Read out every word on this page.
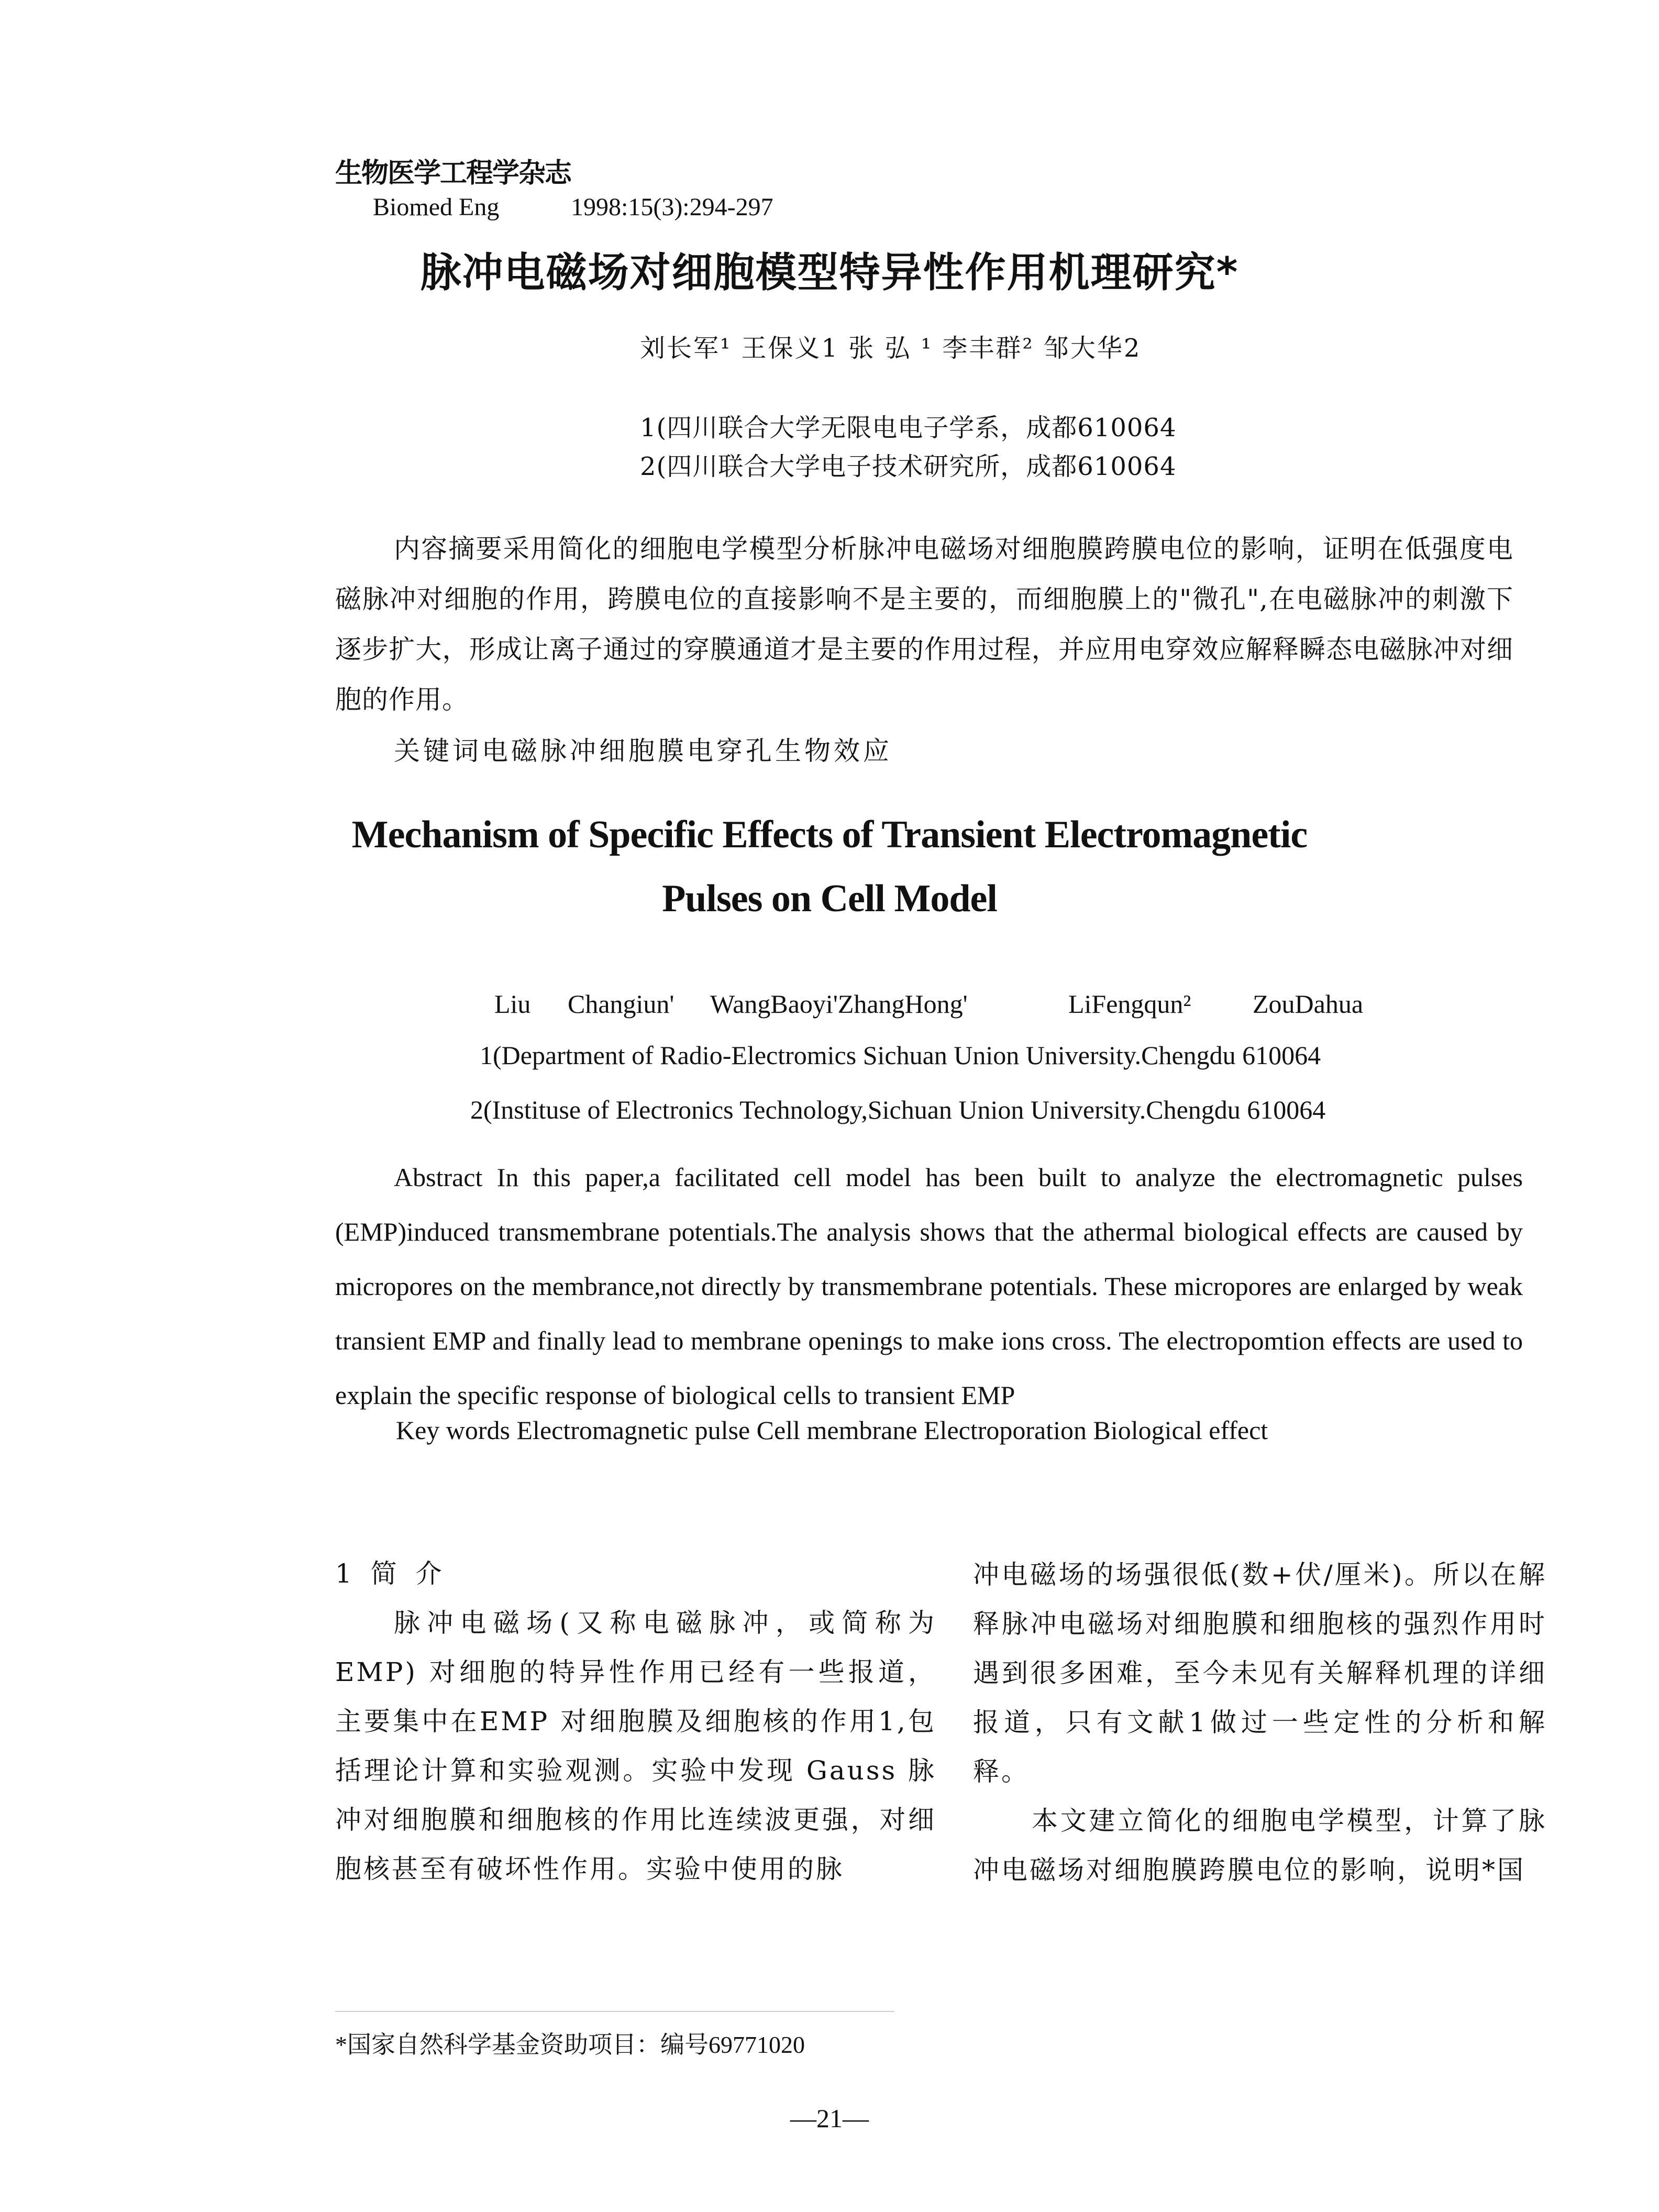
生物医学工程学杂志
Biomed Eng	1998:15(3):294-297
脉冲电磁场对细胞模型特异性作用机理研究*
刘长军¹ 王保义1 张 弘 ¹ 李丰群² 邹大华2
1(四川联合大学无限电电子学系，成都610064
2(四川联合大学电子技术研究所，成都610064

内容摘要采用简化的细胞电学模型分析脉冲电磁场对细胞膜跨膜电位的影响，证明在低强度电磁脉冲对细胞的作用，跨膜电位的直接影响不是主要的，而细胞膜上的"微孔",在电磁脉冲的刺激下逐步扩大，形成让离子通过的穿膜通道才是主要的作用过程，并应用电穿效应解释瞬态电磁脉冲对细胞的作用。

关键词电磁脉冲细胞膜电穿孔生物效应

Mechanism of Specific Effects of Transient Electromagnetic
Pulses on Cell Model
Liu Changiun' WangBaoyi'ZhangHong'	LiFengqun² ZouDahua
1(Department of Radio-Electromics Sichuan Union University.Chengdu 610064
2(Instituse of Electronics Technology,Sichuan Union University.Chengdu 610064

Abstract In this paper,a facilitated cell model has been built to analyze the electromagnetic pulses (EMP)induced transmembrane potentials.The analysis shows that the athermal biological effects are caused by micropores on the membrance,not directly by transmembrane potentials. These micropores are enlarged by weak transient EMP and finally lead to membrane openings to make ions cross. The electropomtion effects are used to explain the specific response of biological cells to transient EMP

Key words Electromagnetic pulse Cell membrane Electroporation Biological effect

1 简 介

脉冲电磁场(又称电磁脉冲，或简称为EMP) 对细胞的特异性作用已经有一些报道，主要集中在EMP 对细胞膜及细胞核的作用1,包括理论计算和实验观测。实验中发现 Gauss 脉冲对细胞膜和细胞核的作用比连续波更强，对细胞核甚至有破坏性作用。实验中使用的脉

冲电磁场的场强很低(数+伏/厘米)。所以在解释脉冲电磁场对细胞膜和细胞核的强烈作用时遇到很多困难，至今未见有关解释机理的详细报道，只有文献1做过一些定性的分析和解释。

本文建立简化的细胞电学模型，计算了脉冲电磁场对细胞膜跨膜电位的影响，说明*国

*国家自然科学基金资助项目：编号69771020
—21—
